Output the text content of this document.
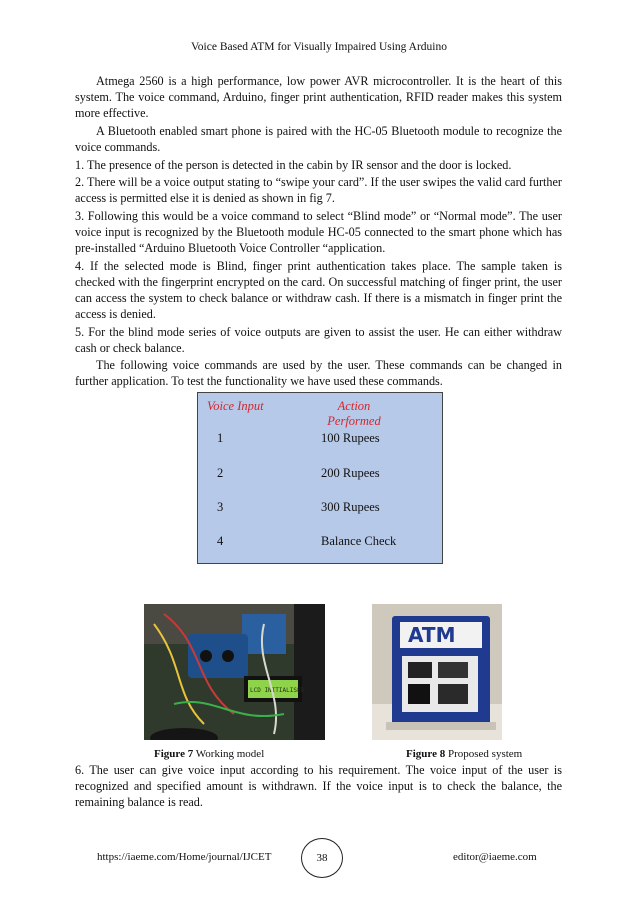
Voice Based ATM for Visually Impaired Using Arduino

Atmega 2560 is a high performance, low power AVR microcontroller. It is the heart of this system. The voice command, Arduino, finger print authentication, RFID reader makes this system more effective.

A Bluetooth enabled smart phone is paired with the HC-05 Bluetooth module to recognize the voice commands.

1. The presence of the person is detected in the cabin by IR sensor and the door is locked.

2. There will be a voice output stating to “swipe your card”. If the user swipes the valid card further access is permitted else it is denied as shown in fig 7.

3. Following this would be a voice command to select “Blind mode” or “Normal mode”. The user voice input is recognized by the Bluetooth module HC-05 connected to the smart phone which has pre-installed “Arduino Bluetooth Voice Controller “application.

4. If the selected mode is Blind, finger print authentication takes place. The sample taken is checked with the fingerprint encrypted on the card. On successful matching of finger print, the user can access the system to check balance or withdraw cash. If there is a mismatch in finger print the access is denied.

5. For the blind mode series of voice outputs are given to assist the user. He can either withdraw cash or check balance.

The following voice commands are used by the user. These commands can be changed in further application. To test the functionality we have used these commands.

Voice Input	Action Performed
1	100 Rupees
2	200 Rupees
3	300 Rupees
4	Balance Check
LCD INITIALISED
ATM
Figure 7 Working model	Figure 8 Proposed system

6. The user can give voice input according to his requirement. The voice input of the user is recognized and specified amount is withdrawn. If the voice input is to check the balance, the remaining balance is read.

https://iaeme.com/Home/journal/IJCET	38	editor@iaeme.com
